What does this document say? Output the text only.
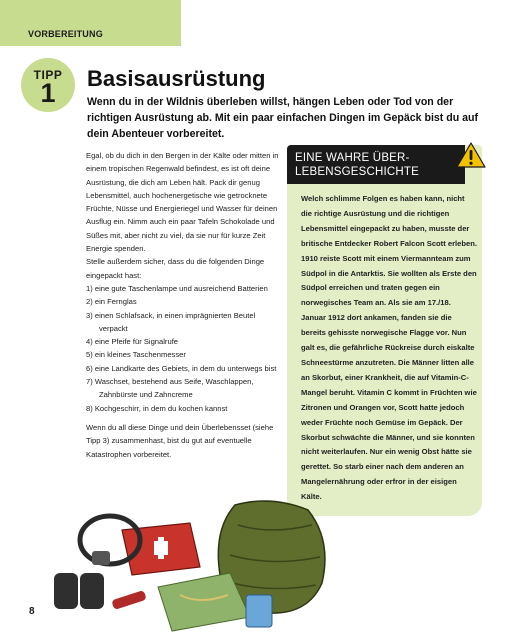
VORBEREITUNG
TIPP
1	Basisausrüstung

Wenn du in der Wildnis überleben willst, hängen Leben oder Tod von der richtigen Ausrüstung ab. Mit ein paar einfachen Dingen im Gepäck bist du auf dein Abenteuer vorbereitet.

Egal, ob du dich in den Bergen in der Kälte oder mitten in einem tropischen Regenwald befindest, es ist oft deine Ausrüstung, die dich am Leben hält. Pack dir genug Lebensmittel, auch hochenergetische wie getrocknete Früchte, Nüsse und Energieriegel und Wasser für deinen Ausflug ein. Nimm auch ein paar Tafeln Schokolade und Süßes mit, aber nicht zu viel, da sie nur für kurze Zeit Energie spenden.

Stelle außerdem sicher, dass du die folgenden Dinge eingepackt hast:

1) eine gute Taschenlampe und ausreichend Batterien

2) ein Fernglas

3) einen Schlafsack, in einen imprägnierten Beutel verpackt

4) eine Pfeife für Signalrufe

5) ein kleines Taschenmesser

6) eine Landkarte des Gebiets, in dem du unterwegs bist

7) Waschset, bestehend aus Seife, Waschlappen, Zahnbürste und Zahncreme

8) Kochgeschirr, in dem du kochen kannst

Wenn du all diese Dinge und dein Überlebensset (siehe Tipp 3) zusammenhast, bist du gut auf eventuelle Katastrophen vorbereitet.

EINE WAHRE ÜBER-
LEBENSGESCHICHTE
Welch schlimme Folgen es haben kann, nicht die richtige Ausrüstung und die richtigen Lebensmittel eingepackt zu haben, musste der britische Entdecker Robert Falcon Scott erleben. 1910 reiste Scott mit einem Viermannteam zum Südpol in die Antarktis. Sie wollten als Erste den Südpol erreichen und traten gegen ein norwegisches Team an. Als sie am 17./18. Januar 1912 dort ankamen, fanden sie die bereits gehisste norwegische Flagge vor. Nun galt es, die gefährliche Rückreise durch eiskalte Schneestürme anzutreten. Die Männer litten alle an Skorbut, einer Krankheit, die auf Vitamin-C-Mangel beruht. Vitamin C kommt in Früchten wie Zitronen und Orangen vor, Scott hatte jedoch weder Früchte noch Gemüse im Gepäck. Der Skorbut schwächte die Männer, und sie konnten nicht weiterlaufen. Nur ein wenig Obst hätte sie gerettet. So starb einer nach dem anderen an Mangelernährung oder erfror in der eisigen Kälte.
8
